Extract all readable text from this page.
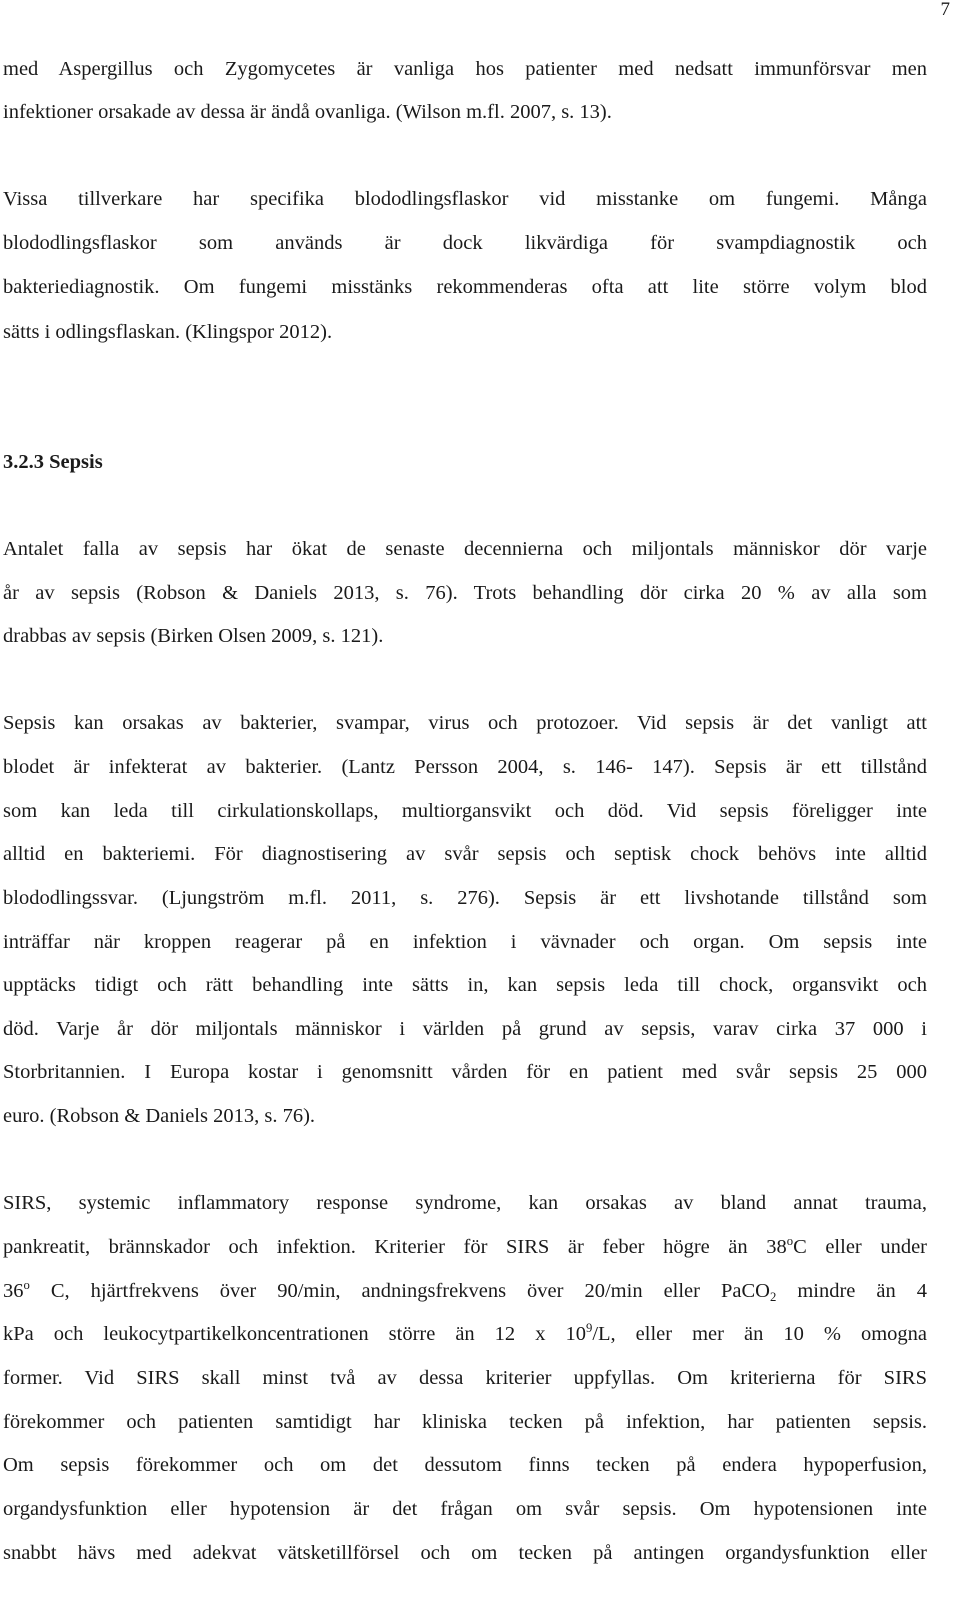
7
med Aspergillus och Zygomycetes är vanliga hos patienter med nedsatt immunförsvar men
infektioner orsakade av dessa är ändå ovanliga. (Wilson m.fl. 2007, s. 13).
Vissa tillverkare har specifika blododlingsflaskor vid misstanke om fungemi. Många
blododlingsflaskor som används är dock likvärdiga för svampdiagnostik och
bakteriediagnostik. Om fungemi misstänks rekommenderas ofta att lite större volym blod
sätts i odlingsflaskan. (Klingspor 2012).
3.2.3 Sepsis
Antalet falla av sepsis har ökat de senaste decennierna och miljontals människor dör varje
år av sepsis (Robson & Daniels 2013, s. 76). Trots behandling dör cirka 20 % av alla som
drabbas av sepsis (Birken Olsen 2009, s. 121).
Sepsis kan orsakas av bakterier, svampar, virus och protozoer. Vid sepsis är det vanligt att
blodet är infekterat av bakterier. (Lantz Persson 2004, s. 146- 147). Sepsis är ett tillstånd
som kan leda till cirkulationskollaps, multiorgansvikt och död. Vid sepsis föreligger inte
alltid en bakteriemi. För diagnostisering av svår sepsis och septisk chock behövs inte alltid
blododlingssvar. (Ljungström m.fl. 2011, s. 276). Sepsis är ett livshotande tillstånd som
inträffar när kroppen reagerar på en infektion i vävnader och organ. Om sepsis inte
upptäcks tidigt och rätt behandling inte sätts in, kan sepsis leda till chock, organsvikt och
död. Varje år dör miljontals människor i världen på grund av sepsis, varav cirka 37 000 i
Storbritannien. I Europa kostar i genomsnitt vården för en patient med svår sepsis 25 000
euro. (Robson & Daniels 2013, s. 76).
SIRS, systemic inflammatory response syndrome, kan orsakas av bland annat trauma,
pankreatit, brännskador och infektion. Kriterier för SIRS är feber högre än 38$^o$C eller under
36$^o$ C, hjärtfrekvens över 90/min, andningsfrekvens över 20/min eller PaCO$_2$ mindre än 4
kPa och leukocytpartikelkoncentrationen större än 12 x $10^9/L$, eller mer än 10 % omogna
former. Vid SIRS skall minst två av dessa kriterier uppfyllas. Om kriterierna för SIRS
förekommer och patienten samtidigt har kliniska tecken på infektion, har patienten sepsis.
Om sepsis förekommer och om det dessutom finns tecken på endera hypoperfusion,
organdysfunktion eller hypotension är det frågan om svår sepsis. Om hypotensionen inte
snabbt hävs med adekvat vätsketillförsel och om tecken på antingen organdysfunktion eller
